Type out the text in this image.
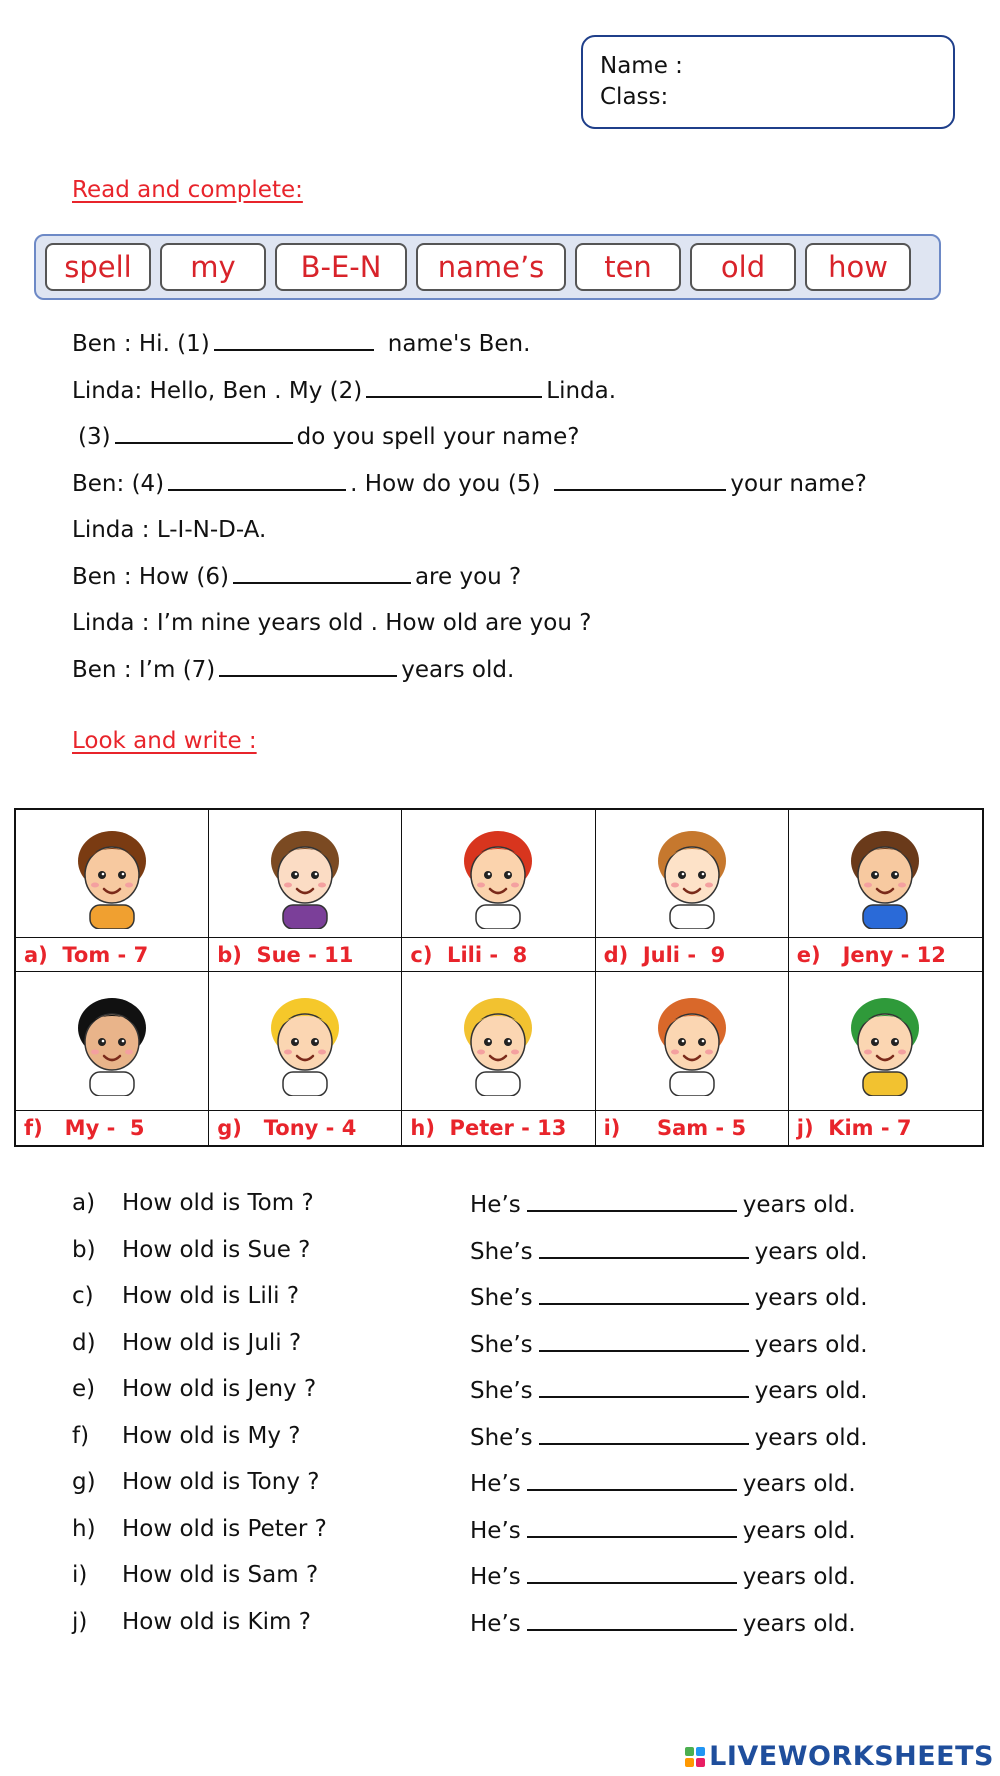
Name :
Class:
Read and complete:
spell	my	B-E-N	name’s	ten	old	how
Ben : Hi. (1)	name's Ben.
Linda: Hello, Ben . My (2)	Linda.
(3)	do you spell your name?
Ben: (4)	. How do you (5)	your name?
Linda : L-I-N-D-A.
Ben : How (6)	are you ?
Linda : I’m nine years old . How old are you ?
Ben : I’m (7)	years old.
Look and write :
a)  Tom - 7	b)  Sue - 11	c)  Lili -  8	d)  Juli -  9	e)   Jeny - 12
f)   My -  5	g)   Tony - 4	h)  Peter - 13	i)     Sam - 5	j)  Kim - 7
a) How old is Tom ?	He’s	years old.
b) How old is Sue ?	She’s	years old.
c) How old is Lili ?	She’s	years old.
d) How old is Juli ?	She’s	years old.
e) How old is Jeny ?	She’s	years old.
f) How old is My ?	She’s	years old.
g) How old is Tony ?	He’s	years old.
h) How old is Peter ?	He’s	years old.
i) How old is Sam ?	He’s	years old.
j) How old is Kim ?	He’s	years old.
LIVEWORKSHEETS
